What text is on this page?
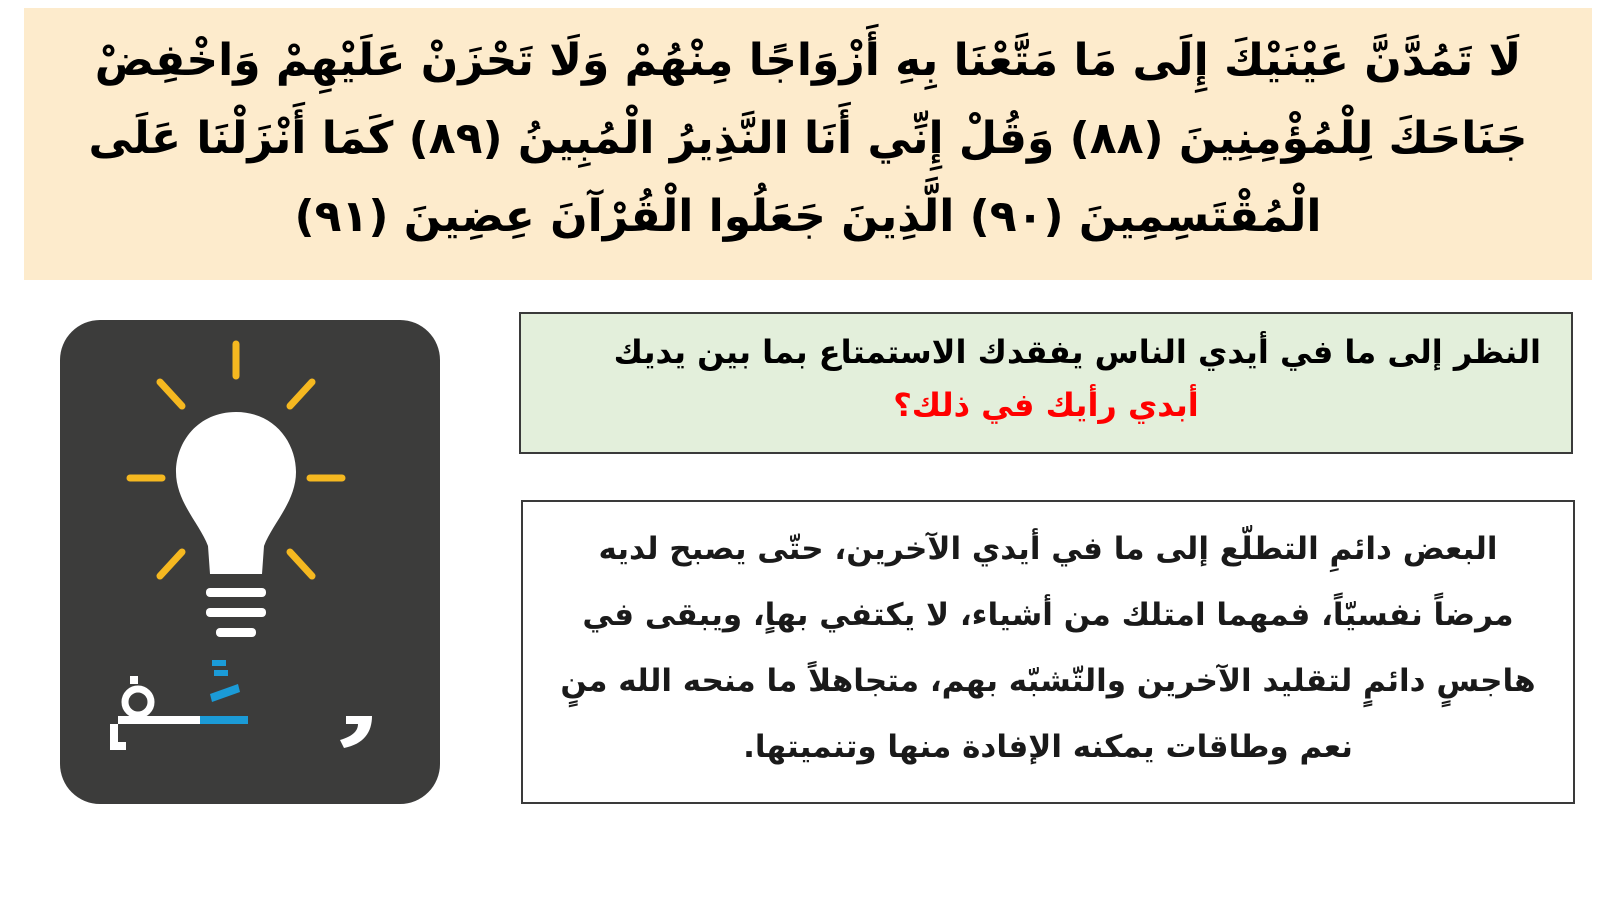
لَا تَمُدَّنَّ عَيْنَيْكَ إِلَى مَا مَتَّعْنَا بِهِ أَزْوَاجًا مِنْهُمْ وَلَا تَحْزَنْ عَلَيْهِمْ وَاخْفِضْ جَنَاحَكَ لِلْمُؤْمِنِينَ (٨٨) وَقُلْ إِنِّي أَنَا النَّذِيرُ الْمُبِينُ (٨٩) كَمَا أَنْزَلْنَا عَلَى الْمُقْتَسِمِينَ (٩٠) الَّذِينَ جَعَلُوا الْقُرْآنَ عِضِينَ (٩١)

النظر إلى ما في أيدي الناس يفقدك الاستمتاع بما بين يديك

أبدي رأيك في ذلك؟

البعض دائمِ التطلّع إلى ما في أيدي الآخرين، حتّى يصبح لديه مرضاً نفسيّاً، فمهما امتلك من أشياء، لا يكتفي بهاٍ، ويبقى في هاجسٍ دائمٍ لتقليد الآخرين والتّشبّه بهم، متجاهلاً ما منحه الله منٍ نعم وطاقات يمكنه الإفادة منها وتنميتها.
